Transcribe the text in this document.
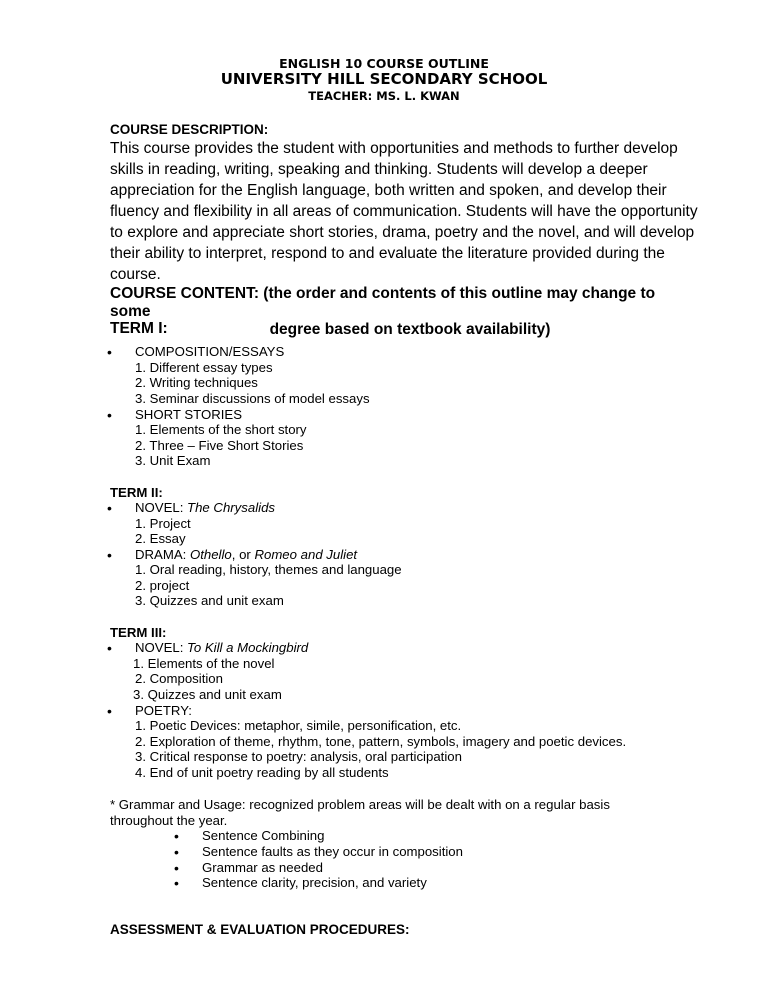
ENGLISH 10 COURSE OUTLINE
UNIVERSITY HILL SECONDARY SCHOOL
TEACHER: MS. L. KWAN
COURSE DESCRIPTION:
This course provides the student with opportunities and methods to further develop
skills in reading, writing, speaking and thinking. Students will develop a deeper
appreciation for the English language, both written and spoken, and develop their
fluency and flexibility in all areas of communication. Students will have the opportunity
to explore and appreciate short stories, drama, poetry and the novel, and will develop
their ability to interpret, respond to and evaluate the literature provided during the
course.
COURSE CONTENT: (the order and contents of this outline may change to some
degree based on textbook availability)
TERM I:
• COMPOSITION/ESSAYS
1. Different essay types
2. Writing techniques
3. Seminar discussions of model essays
• SHORT STORIES
1. Elements of the short story
2. Three – Five Short Stories
3. Unit Exam
TERM II:
• NOVEL: The Chrysalids
1. Project
2. Essay
• DRAMA: Othello, or Romeo and Juliet
1. Oral reading, history, themes and language
2. project
3. Quizzes and unit exam
TERM III:
• NOVEL: To Kill a Mockingbird
1. Elements of the novel
2. Composition
3. Quizzes and unit exam
• POETRY:
1. Poetic Devices: metaphor, simile, personification, etc.
2. Exploration of theme, rhythm, tone, pattern, symbols, imagery and poetic devices.
3. Critical response to poetry: analysis, oral participation
4. End of unit poetry reading by all students
* Grammar and Usage: recognized problem areas will be dealt with on a regular basis
throughout the year.
• Sentence Combining
• Sentence faults as they occur in composition
• Grammar as needed
• Sentence clarity, precision, and variety
ASSESSMENT & EVALUATION PROCEDURES:
